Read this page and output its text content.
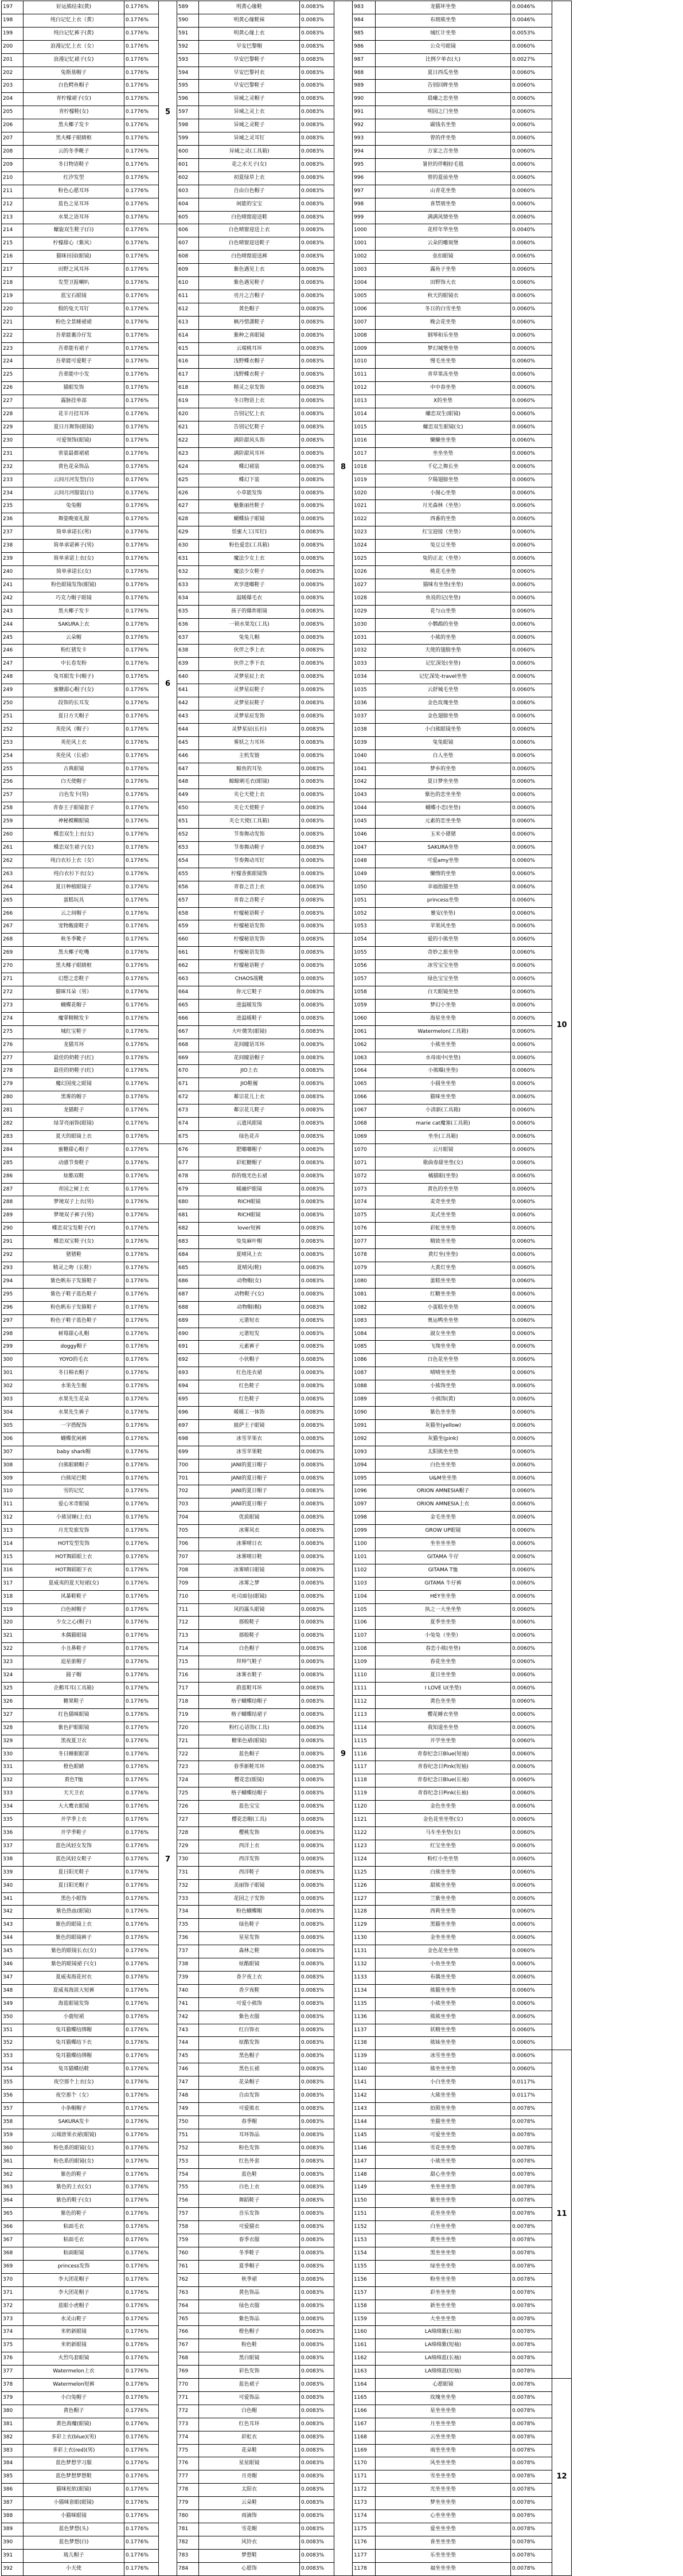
197	好运熊结束(黄)	0.1776%	5
198	纯白记忆上衣（黄）	0.1776%	
199	纯白记忆裤子(黄)	0.1776%	
200	浪漫记忆上衣（女）	0.1776%	
201	浪漫记忆裙子(女)	0.1776%	
202	兔斯基帽子	0.1776%	
203	白色鳄鱼帽子	0.1776%	
204	青柠檬裙子(女)	0.1776%	
205	青柠檬鞋(女)	0.1776%	
206	黑夫椰子发卡	0.1776%	
207	黑夫椰子眼睛框	0.1776%	
208	云的冬季靴子	0.1776%	
209	冬日物语鞋子	0.1776%	
210	红汐发型	0.1776%	
211	粉色心愿耳环	0.1776%	
212	蓝色之星耳环	0.1776%	
213	水果之语耳环	0.1776%	
214	螺旋双生鞋子(白)	0.1776%	6
215	柠檬甜心（紫风）	0.1776%	
216	猫咪田园(眼镜)	0.1776%	
217	田野之风耳环	0.1776%	
218	发型卫报喇叭	0.1776%	
219	蓝宝石眼镜	0.1776%	
220	假的兔天耳钉	0.1776%	
221	粉色全景睡裙裙	0.1776%	
222	吾辈能裹冷仔发	0.1776%	
223	吾辈能有裙子	0.1776%	
224	吾辈能可爱鞋子	0.1776%	
225	吾辈能中小发	0.1776%	
226	猫眼发饰	0.1776%	
227	露脉挂单部	0.1776%	
228	花羊月挂耳环	0.1776%	
229	夏日月舞饰(眼镜)	0.1776%	
230	可爱领饰(眼镜)	0.1776%	
231	常装最都裙裙	0.1776%	
232	黄色花朵饰品	0.1776%	
233	云间月河发型(白)	0.1776%	
234	云间月河服装(白)	0.1776%	
235	兔兔帽	0.1776%	
236	舞姿晚宴礼服	0.1776%	
237	简单承诺长(男)	0.1776%	
238	简单承诺裤子(男)	0.1776%	
239	简单承诺上衣(女)	0.1776%	
240	简单承诺长(女)	0.1776%	
241	粉色眼镜发饰(眼镜)	0.1776%	
242	巧克力帽子眼镜	0.1776%	
243	黑夫椰子发卡	0.1776%	
244	SAKURA上衣	0.1776%	
245	云朵帽	0.1776%	
246	粉红猪发卡	0.1776%	
247	中长卷发粉	0.1776%	
248	兔耳眼发卡(帽子)	0.1776%	
249	蜜糖甜心帽子(女)	0.1776%	
250	段饰的长耳发	0.1776%	
251	夏日方天帽子	0.1776%	
252	英伦风（帽子）	0.1776%	
253	英伦风上衣	0.1776%	
254	英伦风（长裙）	0.1776%	
255	古典眼镜	0.1776%	
256	白天使帽子	0.1776%	
257	白色发卡(男)	0.1776%	
258	青春王子眼镜套子	0.1776%	
259	神秘模糊眼镜	0.1776%	
260	蝶恋双生上衣(女)	0.1776%	
261	蝶恋双生裙子(女)	0.1776%	
262	纯白衣衫上衣（女）	0.1776%	
263	纯白衣衫下衣(女)	0.1776%	
264	夏日种植眼镜子	0.1776%	
265	蛋糕玩具	0.1776%	
266	云之间帽子	0.1776%	
267	宠物酸甜鞋子	0.1776%	
268	秋冬季靴子	0.1776%	
269	黑夫椰子吃嘴	0.1776%	
270	黑夫椰子眼睛框	0.1776%	
271	幻想之恋鞋子	0.1776%	
272	猫咪耳朵（男）	0.1776%	
273	蝴蝶花帽子	0.1776%	
274	魔掌精精发卡	0.1776%	
275	城红宝鞋子	0.1776%	
276	龙猫耳环	0.1776%	
277	最佳的奶鞋子(红)	0.1776%	
278	最佳的奶鞋子(红)	0.1776%	
279	魔幻国度之眼镜	0.1776%	
280	黑雾的帽子	0.1776%	
281	龙猫鞋子	0.1776%	
282	绿芽亮丽饰(眼镜)	0.1776%	
283	夏天的眼镜上衣	0.1776%	
284	蜜糖甜心帽子	0.1776%	7
285	动感节奏鞋子	0.1776%	
286	炫酷双鞋	0.1776%	
287	青园之树上衣	0.1776%	
288	梦境双子上衣(男)	0.1776%	
289	梦境双子裤子(男)	0.1776%	
290	蝶恋双宝发鞋子(Y)	0.1776%	
291	蝶恋双宝鞋子(女)	0.1776%	
292	猪猪鞋	0.1776%	
293	精灵之吻（长鞋）	0.1776%	
294	紫色帆布子发箍鞋子	0.1776%	
295	紫色子鞋子蓝色鞋子	0.1776%	
296	粉色帆布子发箍鞋子	0.1776%	
297	粉色子鞋子蓝色鞋子	0.1776%	
298	树莓甜心礼帽	0.1776%	
299	doggy帽子	0.1776%	
300	YOYO的毛衣	0.1776%	
301	冬日棉衣帽子	0.1776%	
302	水果先生帽	0.1776%	
303	水果先生花朵	0.1776%	
304	水果先生裤子	0.1776%	
305	一字搭配饰	0.1776%	
306	蝴蝶优闲裤	0.1776%	
307	baby shark帽	0.1776%	
308	白熊眼睛帽子	0.1776%	
309	白熊尾巴鞋	0.1776%	
310	雪的记忆	0.1776%	
311	爱心米奇眼镜	0.1776%	
312	小熊冒睡(上衣)	0.1776%	
313	月光发旅发饰	0.1776%	
314	HOT发型发饰	0.1776%	
315	HOT舞蹈眼上衣	0.1776%	
316	HOT舞蹈眼下衣	0.1776%	
317	夏威夷的夏天短裙(女)	0.1776%	
318	风暴鞋鞋子	0.1776%	
319	白色树帽子	0.1776%	
320	少女之心(帽子)	0.1776%	
321	木偶猫眼镜	0.1776%	
322	小丑鼻鞋子	0.1776%	
323	追星旅帽子	0.1776%	
324	圆子帽	0.1776%	
325	企鹅耳耳(工具箱)	0.1776%	
326	糖果鞋子	0.1776%	
327	红色猫咪眼镜	0.1776%	
328	紫色护眼眼镜	0.1776%	
329	黑夜夏卫衣	0.1776%	
330	冬日睡眠眼罩	0.1776%	
331	橙色眼睛	0.1776%	
332	黄色T恤	0.1776%	
333	天天卫衣	0.1776%	
334	大大鹰衣眼镜	0.1776%	
335	开学季上衣	0.1776%	
336	开学季鞋子	0.1776%	
337	蓝色风轻女发饰	0.1776%	
338	蓝色风轻女鞋子	0.1776%	
339	夏日阳光鞋子	0.1776%	
340	夏日阳光帽子	0.1776%	
341	黑色小眼饰	0.1776%	
342	紫色热血(眼镜)	0.1776%	
343	紫色的眼镜上衣	0.1776%	
344	紫色的眼镜裤子	0.1776%	
345	紫色的眼镜长衣(女)	0.1776%	
346	紫色的眼镜裙子(女)	0.1776%	
347	夏威夷海花衬衣	0.1776%	
348	夏威夷海滨大短裤	0.1776%	
349	海蓝眼镜发饰	0.1776%	
350	小鹿短裙	0.1776%	
351	兔耳猫蝶结绑帽	0.1776%	
352	兔耳猫蝶结下衣	0.1776%	
353	兔耳猫蝶结绑帽	0.1776%	
354	兔耳猫蝶结鞋	0.1776%	
355	夜空那个上衣(女)	0.1776%	
356	夜空那个（女）	0.1776%	
357	小条帽帽子	0.1776%	
358	SAKURA发卡	0.1776%	
359	云端唐果衣裙(眼镜)	0.1776%	
360	粉色系的眼镜(女)	0.1776%	
361	粉色系的眼镜(女)	0.1776%	
362	紫色的鞋子	0.1776%	
363	紫色的上衣(女)	0.1776%	
364	紫色的鞋子(女)	0.1776%	
365	紫色的鞋子	0.1776%	
366	粘面毛衣	0.1776%	
367	粘面毛衣	0.1776%	
368	粘面眼镜	0.1776%	
369	princess发饰	0.1776%	
370	李大团花帽子	0.1776%	
371	李大团花帽子	0.1776%	
372	蓝眼小虎帽子	0.1776%	
373	水灵山鞋子	0.1776%	
374	米奶新眼镜	0.1776%	
375	米奶新眼镜	0.1776%	
376	火烈鸟套眼镜	0.1776%	
377	Watermelon上衣	0.1776%	
378	Watermelon短裤	0.1776%	
379	小白兔帽子	0.1776%	
380	黄色帽子	0.1776%	
381	黄色海魔(眼镜)	0.1776%	
382	多彩上衣(blue)(男)	0.1776%	
383	多彩上衣(red)(男)	0.1776%	
384	蓝色梦想学习服	0.1776%	
385	蓝色梦想梦想鞋	0.1776%	
386	猫咪松软(眼镜)	0.1776%	
387	小猫咪套眼(眼镜)	0.1776%	
388	小猫咪眼镜	0.1776%	
389	蓝色梦想(头)	0.1776%	
390	蓝色梦想(白)	0.1776%	
391	琉儿帽子	0.1776%	
392	小天使	0.1776%	
589	明黄心缘鞋	0.0083%	8
590	明黄心缘鞋袜	0.0083%	
591	明黄心缘上衣	0.0083%	
592	早安巴黎帽	0.0083%	
593	早安巴黎鞋子	0.0083%	
594	早安巴黎衬衣	0.0083%	
595	早安巴黎鞋子	0.0083%	
596	异域之灵帽子	0.0083%	
597	异域之灵上衣	0.0083%	
598	异域之灵鞋子	0.0083%	
599	异域之灵耳钉	0.0083%	
600	异域之灵(工具箱)	0.0083%	
601	花之水天子(女)	0.0083%	
602	初夏绿草上衣	0.0083%	
603	自由白色帽子	0.0083%	
604	闲能的宝宝	0.0083%	
605	白色晴窗迎送鞋	0.0083%	
606	白色晴窗迎送上衣	0.0083%	
607	白色晴窗迎送鞋子	0.0083%	
608	白色晴窗迎送裤	0.0083%	
609	紫色遇见上衣	0.0083%	
610	紫色遇见鞋子	0.0083%	
611	亮月之吉帽子	0.0083%	
612	黄色帽子	0.0083%	
613	枫丹惜潇鞋子	0.0083%	
614	紫种之喜眼镜	0.0083%	
615	云端桃耳环	0.0083%	
616	浅野蝶衣帽子	0.0083%	
617	浅野蝶衣鞋子	0.0083%	
618	精灵之泉发饰	0.0083%	
619	冬日物语上衣	0.0083%	
620	告别记忆上衣	0.0083%	
621	告别记忆鞋子	0.0083%	
622	满阶甜风头饰	0.0083%	
623	满阶甜风耳环	0.0083%	
624	蝶幻裙装	0.0083%	
625	蝶幻下装	0.0083%	
626	小草能发饰	0.0083%	
627	魅紫丽丝鞋子	0.0083%	
628	蝴蝶仙子眼镜	0.0083%	
629	恬蜜大工(耳钉)	0.0083%	
630	粉色爱恋(工具箱)	0.0083%	
631	魔法少女上衣	0.0083%	
632	魔法少女鞋子	0.0083%	
633	欢享迷嘟鞋子	0.0083%	
634	温暖爆毛衣	0.0083%	
635	孩子的爆炸眼镜	0.0083%	
636	一锁水果发(工具)	0.0083%	
637	兔兔儿帽	0.0083%	
638	伙伴之季上衣	0.0083%	
639	伙伴之季下衣	0.0083%	
640	灵梦星辰上衣	0.0083%	
641	灵梦星辰鞋子	0.0083%	
642	灵梦星辰鞋子	0.0083%	
643	灵梦星辰发饰	0.0083%	
644	灵梦星辰(长衫)	0.0083%	
645	雾妖之力耳环	0.0083%	
646	主机发链	0.0083%	
647	鲸鱼的耳坠	0.0083%	
648	鲸鲸刺毛衣(眼镜)	0.0083%	
649	夹仑天使上衣	0.0083%	
650	夹仑天使鞋子	0.0083%	
651	夹仑天使(工具箱)	0.0083%	
652	节奏舞动发饰	0.0083%	
653	节奏舞动鞋子	0.0083%	
654	节奏舞动耳钉	0.0083%	
655	柠檬香蕉眼镜饰	0.0083%	
656	青春之音上衣	0.0083%	
657	青春之音鞋子	0.0083%	
658	柠檬秘语鞋子	0.0083%	
659	柠檬秘语发饰	0.0083%	
660	柠檬秘语发饰	0.0083%	9
661	柠檬秘语发饰	0.0083%	
662	柠檬秘语鞋子	0.0083%	
663	CHAOS战靴	0.0083%	
664	你元它鞋子	0.0083%	
665	进温暖发饰	0.0083%	
666	进温暖鞋子	0.0083%	
667	大叶微笑(眼镜)	0.0083%	
668	花间瞳语耳环	0.0083%	
669	花间瞳语帽子	0.0083%	
670	JIO上衣	0.0083%	
671	JIO鞋履	0.0083%	
672	鄰宗花儿上衣	0.0083%	
673	鄰宗花儿鞋子	0.0083%	
674	云遗风眼镜	0.0083%	
675	绿色花卉	0.0083%	
676	肥嘟嘟帽子	0.0083%	
677	彩虹糖帽子	0.0083%	
678	春的炮光色长裙	0.0083%	
679	暖融炉眼镜	0.0083%	
680	RICH眼镜	0.0083%	
681	RICH眼镜	0.0083%	
682	lover短裤	0.0083%	
683	兔兔麻叶帽	0.0083%	
684	夏晴风上衣	0.0083%	
685	夏晴风(鞋)	0.0083%	
686	动物帽(女)	0.0083%	
687	动物鞋子(女)	0.0083%	
688	动物帽(帽)	0.0083%	
689	元谐短衣	0.0083%	
690	元谐短发	0.0083%	
691	元素裤子	0.0083%	
692	小伙帽子	0.0083%	
693	红色连衣裙	0.0083%	
694	红色鞋子	0.0083%	
695	红色鞋子	0.0083%	
696	暖暖工一体饰	0.0083%	
697	披萨王子眼镜	0.0083%	
698	冰雪苹果衣	0.0083%	
699	冰雪苹果鞋	0.0083%	
700	JANI的夏日帽子	0.0083%	
701	JANI的夏日帽子	0.0083%	
702	JANI的夏日帽子	0.0083%	
703	JANI的夏日帽子	0.0083%	
704	优质眼镜	0.0083%	
705	冰雾风衣	0.0083%	
706	冰雾晴日衣	0.0083%	
707	冰雾晴日鞋	0.0083%	
708	冰雾晴日眼镜	0.0083%	
709	冰雾之梦	0.0083%	
710	吐司面包(眼镜)	0.0083%	
711	风的露头眼镜	0.0083%	
712	那般鞋子	0.0083%	
713	那般鞋子	0.0083%	
714	白色帽子	0.0083%	
715	拜帅气鞋子	0.0083%	
716	冰雾衣鞋子	0.0083%	
717	蔚蓝鞋耳环	0.0083%	
718	格子蝴蝶结帽子	0.0083%	
719	格子蝴蝶结裙子	0.0083%	
720	粉红心语饰(工具)	0.0083%	
721	糖果色裙(眼镜)	0.0083%	
722	蓝色帽子	0.0083%	
723	春季新鞋耳环	0.0083%	
724	樱花恋(眼镜)	0.0083%	
725	格子蝴蝶结帽子	0.0083%	
726	蓝色宝宝	0.0083%	
727	樱花恋帽(工具)	0.0083%	
728	樱桃发饰	0.0083%	
729	西洋上衣	0.0083%	
730	西洋发饰	0.0083%	
731	西洋鞋子	0.0083%	
732	美丽饰子眼镜	0.0083%	
733	花园之子发饰	0.0083%	
734	粉色蝴蝶帽	0.0083%	
735	绿色鞋子	0.0083%	
736	星星发饰	0.0083%	
737	森林之鞋	0.0083%	
738	炫酷眼镜	0.0083%	
739	香夕夜上衣	0.0083%	
740	香夕夜鞋	0.0083%	
741	可爱小熊饰	0.0083%	
742	紫色衣服	0.0083%	
743	红白饰衣	0.0083%	
744	炫酷发饰	0.0083%	
745	黑色帽子	0.0083%	
746	黑色长裙	0.0083%	
747	花朵帽子	0.0083%	
748	自由发饰	0.0083%	
749	可爱熊衣	0.0083%	
750	春季帽	0.0083%	
751	耳环饰品	0.0083%	
752	粉色发饰	0.0083%	
753	红色外套	0.0083%	
754	蓝色鞋	0.0083%	
755	白色上衣	0.0083%	
756	舞蹈鞋子	0.0083%	
757	音乐发饰	0.0083%	
758	可爱猫衣	0.0083%	
759	春季衣服	0.0083%	
760	冬季鞋子	0.0083%	
761	夏季帽子	0.0083%	
762	秋季裙	0.0083%	
763	黄色饰品	0.0083%	
764	绿色衣服	0.0083%	
765	紫色饰品	0.0083%	
766	橙色帽子	0.0083%	
767	粉色鞋	0.0083%	
768	黑白眼镜	0.0083%	
769	彩色发饰	0.0083%	
770	蓝色裙子	0.0083%	
771	可爱饰品	0.0083%	
772	白色帽	0.0083%	
773	红色耳环	0.0083%	
774	彩虹衣	0.0083%	
775	花朵鞋	0.0083%	
776	星星眼镜	0.0083%	
777	月亮帽	0.0083%	
778	太阳衣	0.0083%	
779	云朵鞋	0.0083%	
780	雨滴饰	0.0083%	
781	雪花帽	0.0083%	
782	风铃衣	0.0083%	
783	梦想鞋	0.0083%	
784	心愿饰	0.0083%	
983	龙猫坏坐垫	0.0046%	10
984	布朗熊坐垫	0.0046%	
985	城红计坐垫	0.0053%	
986	公众号眼镜	0.0060%	
987	比例夕单衣(大)	0.0027%	
988	夏日西瓜坐垫	0.0060%	
989	告别回眸坐垫	0.0060%	
990	晨曦之恋坐垫	0.0060%	
991	明园之门坐垫	0.0060%	
992	碳钱名坐垫	0.0060%	
993	曾的伴坐垫	0.0060%	
994	万家之吉坐垫	0.0060%	
995	暑世的伴帽轻毛毯	0.0060%	
996	曾的夏前坐垫	0.0060%	
997	山青花坐垫	0.0060%	
998	喜禁朋坐垫	0.0060%	
999	满满风情坐垫	0.0060%	
1000	花样年华坐垫	0.0040%	
1001	云朵的雕刻堡	0.0060%	
1002	弦扣眼镜	0.0060%	
1003	露鱼子坐垫	0.0060%	
1004	田野饰大衣	0.0060%	
1005	秋天的眼镜衣	0.0060%	
1006	冬日的白雪坐垫	0.0060%	
1007	晚会花坐垫	0.0060%	
1008	钢琴和乐坐垫	0.0060%	
1009	梦幻城堡坐垫	0.0060%	
1010	慢毛坐坐垫	0.0060%	
1011	青草果冻坐垫	0.0060%	
1012	中中春坐垫	0.0060%	
1013	X的坐垫	0.0060%	
1014	螺恋双生(眼镜)	0.0060%	
1015	螺恋双生眼镜(女)	0.0060%	
1016	懒懒坐坐垫	0.0060%	
1017	坐坐坐垫	0.0060%	
1018	千亿之舞长坐	0.0060%	
1019	夕陽翅膀坐垫	0.0060%	
1020	小图心坐垫	0.0060%	
1021	月光森林（坐垫）	0.0060%	
1022	西番的坐垫	0.0060%	
1023	红宝迎接（坐垫）	0.0060%	
1024	兔豆豆坐垫	0.0060%	
1025	兔的正北（坐垫）	0.0060%	
1026	桃花毛坐垫	0.0060%	
1027	猫咪有坐垫(坐垫)	0.0060%	
1028	鱼说的记(坐垫)	0.0060%	
1029	花与山坐垫	0.0060%	
1030	小鹦鹉的坐垫	0.0060%	
1031	小熊的坐垫	0.0060%	
1032	天使的翅膀坐垫	0.0060%	
1033	记忆深处(坐垫)	0.0060%	
1034	记忆深处-travel坐垫	0.0060%	
1035	云舒城毛坐垫	0.0060%	
1036	金色玫瑰坐垫	0.0060%	
1037	金色翅膀坐垫	0.0060%	
1038	小白熊眼镜坐垫	0.0060%	
1039	兔兔眼镜	0.0060%	
1040	白人坐垫	0.0060%	
1041	梦乡的坐垫	0.0060%	
1042	夏日梦坐坐垫	0.0060%	
1043	紫色的恋坐坐垫	0.0060%	
1044	蝴蝶小恋(坐垫)	0.0060%	
1045	元素的恋坐坐垫	0.0060%	
1046	玉米小猪猪	0.0060%	
1047	SAKURA坐垫	0.0060%	
1048	可爱amy坐垫	0.0060%	
1049	懒惰的坐垫	0.0060%	
1050	幸福指猫坐垫	0.0060%	
1051	princess坐垫	0.0060%	
1052	雅安(坐垫)	0.0060%	
1053	苹果风坐垫	0.0060%	
1054	爱的小熊坐垫	0.0060%	
1055	奇妙之旅坐垫	0.0060%	
1056	冰雪宝宝坐垫	0.0060%	
1057	绿色宝宝坐垫	0.0060%	
1058	白天眼镜坐垫	0.0060%	
1059	梦幻小坐垫	0.0060%	
1060	海星坐坐垫	0.0060%	
1061	Watermelon(工具箱)	0.0060%	
1062	小熊坐坐垫	0.0060%	
1063	水母雨中(坐垫)	0.0060%	
1064	小熊曝(坐垫)	0.0060%	
1065	小圆坐坐垫	0.0060%	
1066	猫咪坐坐垫	0.0060%	
1067	小清新(工具箱)	0.0060%	
1068	marie cat魔塞(工具箱)	0.0060%	
1069	坐坐(工具箱)	0.0060%	
1070	云月眼镜	0.0060%	
1071	歌曲春甜坐垫(女)	0.0060%	
1072	橘猫眼(坐垫)	0.0060%	
1073	黄色的坐坐垫	0.0060%	
1074	麦奇坐坐垫	0.0060%	
1075	美式坐坐垫	0.0060%	
1076	彩虹坐坐垫	0.0060%	
1077	精致坐坐垫	0.0060%	
1078	黄灯坐(坐垫)	0.0060%	
1079	大黄灯坐垫	0.0060%	
1080	蛋糕坐坐垫	0.0060%	
1081	红糖坐坐垫	0.0060%	
1082	小蛋糕坐坐垫	0.0060%	
1083	奥运鸭坐坐垫	0.0060%	
1084	淑女坐坐垫	0.0060%	
1085	飞翔坐坐垫	0.0060%	
1086	白色花坐坐垫	0.0060%	
1087	晴晴坐坐垫	0.0060%	
1088	小熊饰坐垫	0.0060%	
1089	小熊饰(黄)	0.0060%	
1090	紫色坐坐垫	0.0060%	
1091	灰猫坐(yellow)	0.0060%	
1092	灰猫坐(pink)	0.0060%	
1093	太阳熊坐坐垫	0.0060%	
1094	白色坐坐垫	0.0060%	
1095	U&M坐坐垫	0.0060%	
1096	ORION AMNESIA帽子	0.0060%	
1097	ORION AMNESIA上衣	0.0060%	
1098	金毛坐坐垫	0.0060%	
1099	GROW UP眼镜	0.0060%	
1100	坐坐坐坐垫	0.0060%	
1101	GITAMA 牛仔	0.0060%	
1102	GITAMA T恤	0.0060%	
1103	GITAMA 牛仔裤	0.0060%	
1104	HEY坐坐垫	0.0060%	
1105	执之一大坐坐垫	0.0060%	
1106	夏季坐坐垫	0.0060%	
1107	小兔兔（坐垫）	0.0060%	
1108	春恋小熊(坐垫)	0.0060%	
1109	春花坐坐垫	0.0060%	
1110	夏日坐坐垫	0.0060%	
1111	I LOVE U(坐垫)	0.0060%	
1112	黄色坐坐垫	0.0060%	
1113	樱花睡衣坐垫	0.0060%	
1114	我知道坐坐垫	0.0060%	
1115	开学坐坐垫	0.0060%	
1116	青春纪念日Blue(短袖)	0.0060%	
1117	青春纪念日Pink(短袖)	0.0060%	
1118	青春纪念日Blue(长袖)	0.0060%	
1119	青春纪念日Pink(长袖)	0.0060%	
1120	金色坐坐垫	0.0060%	
1121	金色花坐坐垫(女)	0.0060%	
1122	马车坐坐垫(女)	0.0060%	
1123	红宝坐坐垫	0.0060%	
1124	粉红小坐坐垫	0.0060%	
1125	白熊坐坐垫	0.0060%	
1126	甜熊坐坐垫	0.0060%	
1127	兰紫坐坐垫	0.0060%	
1128	西莉坐坐垫	0.0060%	
1129	黑猫坐坐垫	0.0060%	
1130	金坐坐坐垫	0.0060%	
1131	金色花坐坐垫	0.0060%	
1132	小鱼坐坐垫	0.0060%	
1133	布偶坐坐垫	0.0060%	
1134	熊猫坐坐垫	0.0060%	
1135	小熊坐坐垫	0.0060%	
1136	熊熊坐坐垫	0.0060%	
1137	妖精坐坐垫	0.0060%	
1138	熊妹坐坐垫	0.0060%	
1139	冰雪坐坐垫	0.0060%	11
1140	熊坐坐坐垫	0.0060%	
1141	小白坐坐垫	0.0117%	
1142	大熊坐坐垫	0.0117%	
1143	拍照坐坐垫	0.0078%	
1144	坐猫坐坐垫	0.0078%	
1145	可爱坐坐垫	0.0078%	
1146	雪花坐坐垫	0.0078%	
1147	小熊坐坐垫	0.0078%	
1148	甜心坐坐垫	0.0078%	
1149	坐坐坐坐垫	0.0078%	
1150	紫坐坐坐垫	0.0078%	
1151	花坐坐坐垫	0.0078%	
1152	白坐坐坐垫	0.0078%	
1153	黄坐坐坐垫	0.0078%	
1154	黑坐坐坐垫	0.0078%	
1155	绿坐坐坐垫	0.0078%	
1156	粉坐坐坐垫	0.0078%	
1157	彩坐坐坐垫	0.0078%	
1158	新坐坐坐垫	0.0078%	
1159	大坐坐坐垫	0.0078%	
1160	LA绵绵紫(长袖)	0.0078%	
1161	LA绵绵紫(短袖)	0.0078%	
1162	LA绵绵蓝(长袖)	0.0078%	
1163	LA绵绵蓝(短袖)	0.0078%	
1164	心愿眼镜	0.0078%	12
1165	玫瑰坐坐垫	0.0078%	
1166	星坐坐坐垫	0.0078%	
1167	月坐坐坐垫	0.0078%	
1168	云坐坐坐垫	0.0078%	
1169	雨坐坐坐垫	0.0078%	
1170	风坐坐坐垫	0.0078%	
1171	雪坐坐坐垫	0.0078%	
1172	光坐坐坐垫	0.0078%	
1173	梦坐坐坐垫	0.0078%	
1174	心坐坐坐垫	0.0078%	
1175	爱坐坐坐垫	0.0078%	
1176	喜坐坐坐垫	0.0078%	
1177	乐坐坐坐垫	0.0078%	
1178	福坐坐坐垫	0.0078%	
